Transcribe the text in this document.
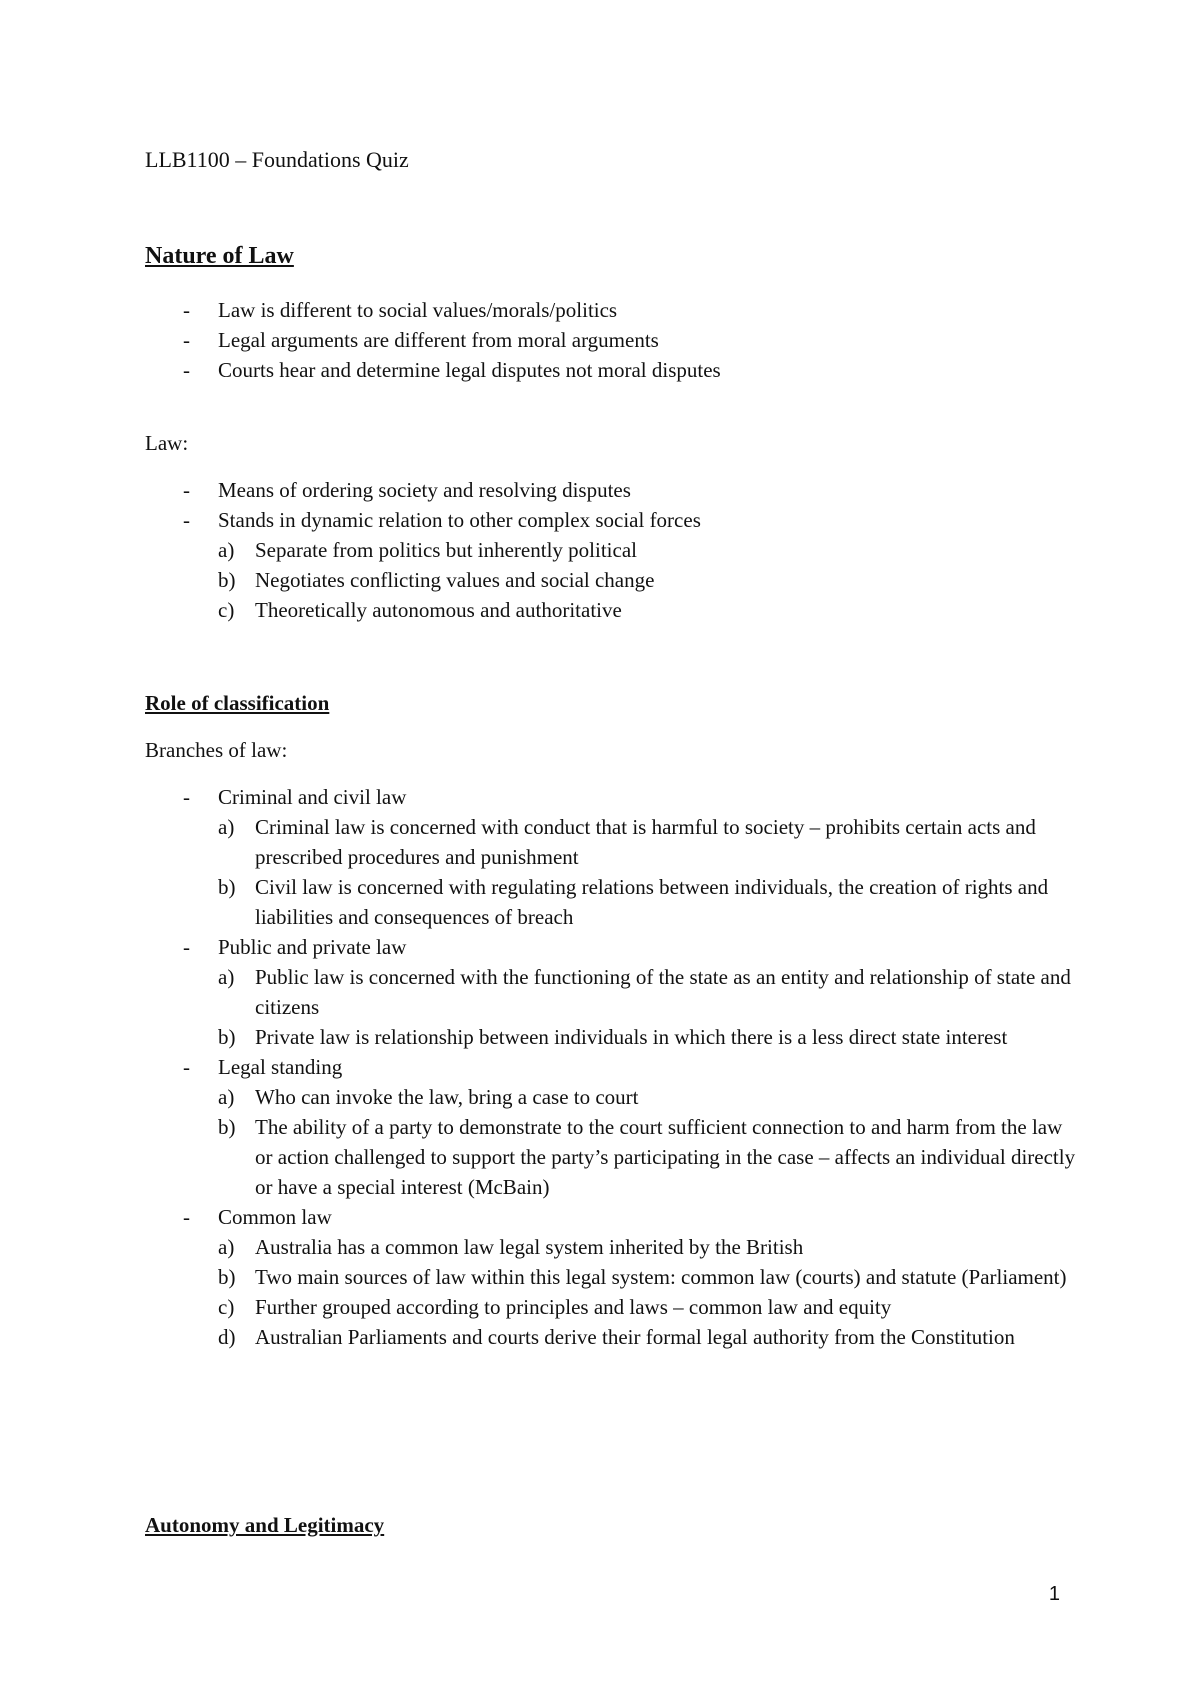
LLB1100 – Foundations Quiz

Nature of Law
- Law is different to social values/morals/politics
- Legal arguments are different from moral arguments
- Courts hear and determine legal disputes not moral disputes

Law:

- Means of ordering society and resolving disputes
- Stands in dynamic relation to other complex social forces
a) Separate from politics but inherently political
b) Negotiates conflicting values and social change
c) Theoretically autonomous and authoritative
Role of classification

Branches of law:

- Criminal and civil law
a) Criminal law is concerned with conduct that is harmful to society – prohibits certain acts and prescribed procedures and punishment
b) Civil law is concerned with regulating relations between individuals, the creation of rights and liabilities and consequences of breach
- Public and private law
a) Public law is concerned with the functioning of the state as an entity and relationship of state and citizens
b) Private law is relationship between individuals in which there is a less direct state interest
- Legal standing
a) Who can invoke the law, bring a case to court
b) The ability of a party to demonstrate to the court sufficient connection to and harm from the law or action challenged to support the party’s participating in the case – affects an individual directly or have a special interest (McBain)
- Common law
a) Australia has a common law legal system inherited by the British
b) Two main sources of law within this legal system: common law (courts) and statute (Parliament)
c) Further grouped according to principles and laws – common law and equity
d) Australian Parliaments and courts derive their formal legal authority from the Constitution
Autonomy and Legitimacy
1
